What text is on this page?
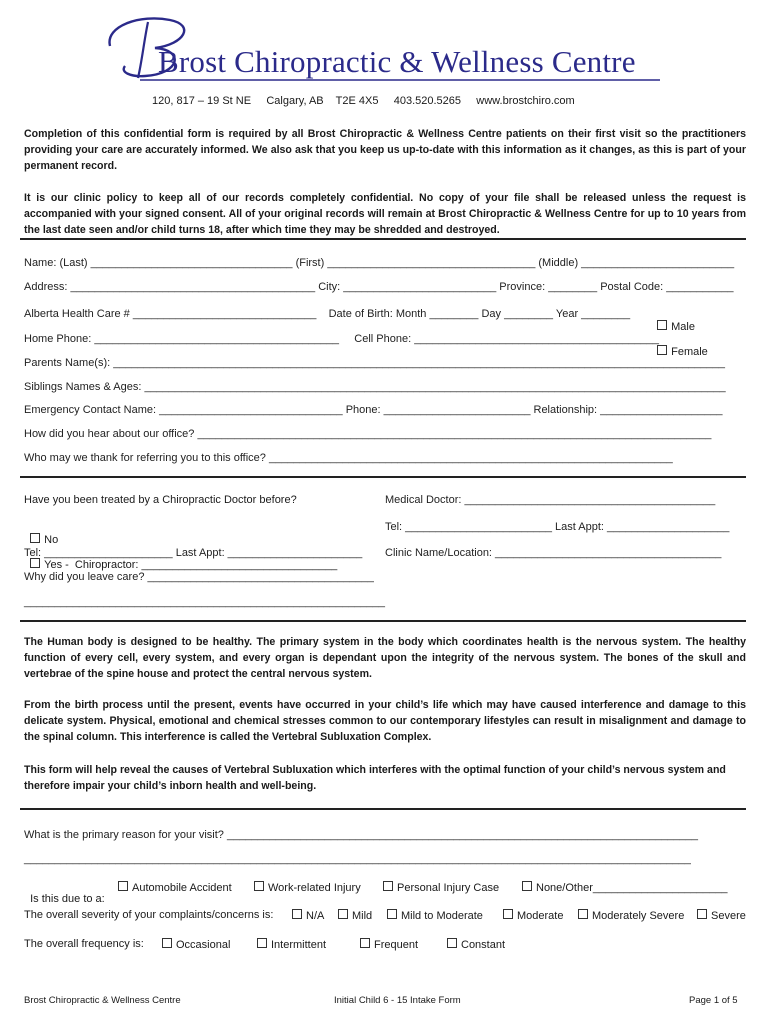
Brost Chiropractic & Wellness Centre
120, 817 – 19 St NE     Calgary, AB    T2E 4X5     403.520.5265     www.brostchiro.com
Completion of this confidential form is required by all Brost Chiropractic & Wellness Centre patients on their first visit so the practitioners providing your care are accurately informed. We also ask that you keep us up-to-date with this information as it changes, as this is part of your permanent record.
It is our clinic policy to keep all of our records completely confidential. No copy of your file shall be released unless the request is accompanied with your signed consent. All of your original records will remain at Brost Chiropractic & Wellness Centre for up to 10 years from the last date seen and/or child turns 18, after which time they may be shredded and destroyed.
Name: (Last) _________________________________ (First) __________________________________ (Middle) _________________________
Address: ________________________________________ City: _________________________ Province: ________ Postal Code: ___________
Alberta Health Care # ______________________________    Date of Birth: Month ________ Day ________ Year ________

Male

Female

Home Phone: ________________________________________     Cell Phone: ________________________________________
Parents Name(s): ____________________________________________________________________________________________________
Siblings Names & Ages: _______________________________________________________________________________________________
Emergency Contact Name: ______________________________ Phone: ________________________ Relationship: ____________________
How did you hear about our office? ____________________________________________________________________________________
Who may we thank for referring you to this office? __________________________________________________________________
Have you been treated by a Chiropractic Doctor before?

No

Yes -  Chiropractor: ________________________________

Tel: _____________________ Last Appt: ______________________
Why did you leave care? _____________________________________
___________________________________________________________
Medical Doctor: _________________________________________
Tel: ________________________ Last Appt: ____________________
Clinic Name/Location: _____________________________________
The Human body is designed to be healthy. The primary system in the body which coordinates health is the nervous system. The healthy function of every cell, every system, and every organ is dependant upon the integrity of the nervous system. The bones of the skull and vertebrae of the spine house and protect the central nervous system.
From the birth process until the present, events have occurred in your child’s life which may have caused interference and damage to this delicate system. Physical, emotional and chemical stresses common to our contemporary lifestyles can result in misalignment and damage to the spinal column. This interference is called the Vertebral Subluxation Complex.
This form will help reveal the causes of Vertebral Subluxation which interferes with the optimal function of your child’s nervous system and therefore impair your child’s inborn health and well-being.
What is the primary reason for your visit? _____________________________________________________________________________
_____________________________________________________________________________________________________________

Is this due to a:

Automobile Accident	Work-related Injury	Personal Injury Case	None/Other______________________
The overall severity of your complaints/concerns is:	N/A	Mild	Mild to Moderate	Moderate	Moderately Severe	Severe
The overall frequency is:	Occasional	Intermittent	Frequent	Constant
Brost Chiropractic & Wellness Centre	Initial Child 6 - 15 Intake Form	Page 1 of 5
